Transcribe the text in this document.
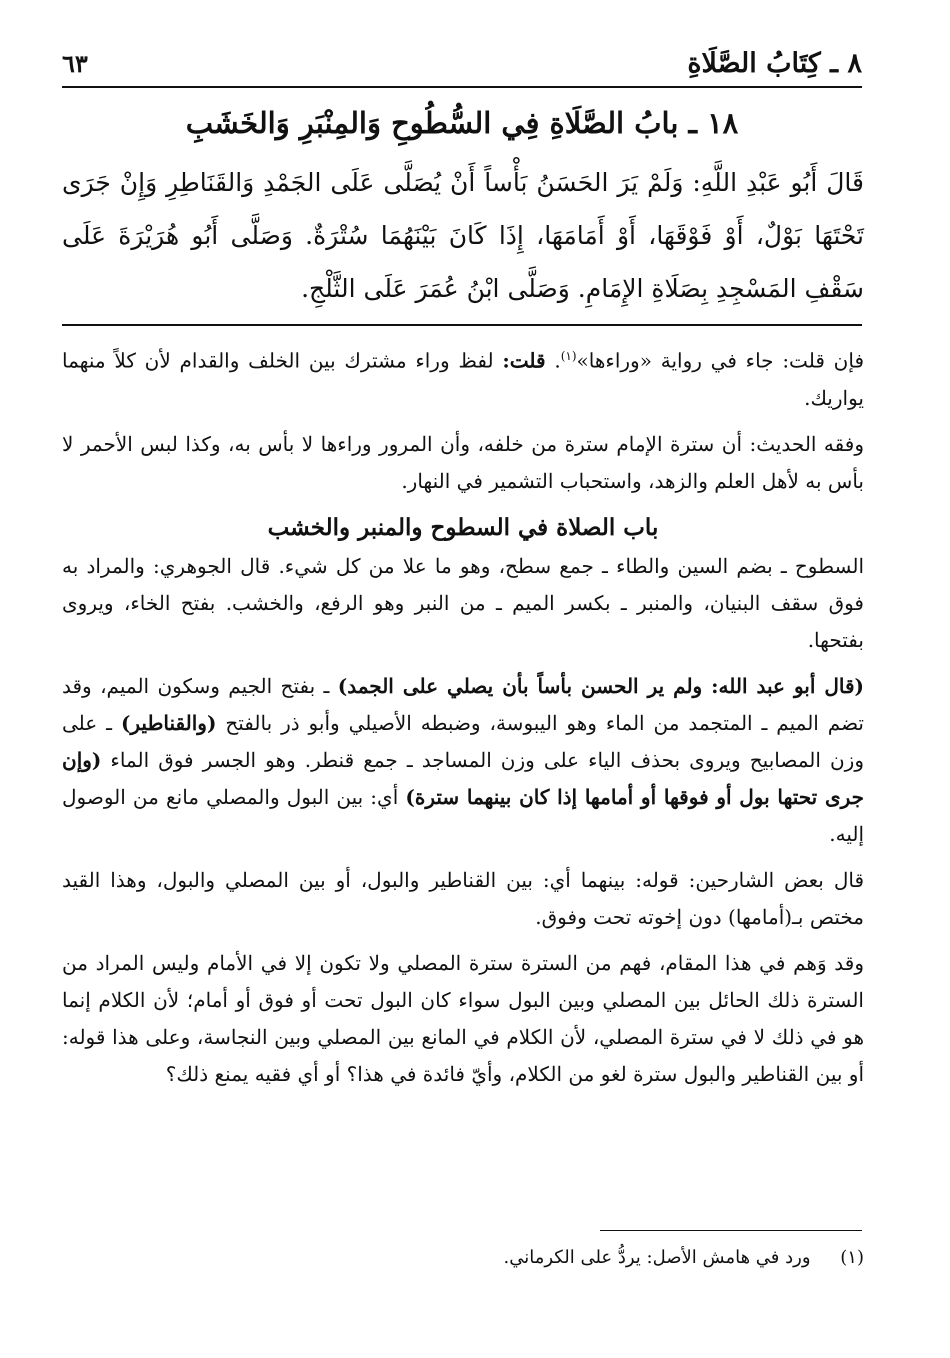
٨ ـ كِتَابُ الصَّلَاةِ
٦٣
١٨ ـ بابُ الصَّلَاةِ فِي السُّطُوحِ وَالمِنْبَرِ وَالخَشَبِ

قَالَ أَبُو عَبْدِ اللَّهِ: وَلَمْ يَرَ الحَسَنُ بَأْساً أَنْ يُصَلَّى عَلَى الجَمْدِ وَالقَنَاطِرِ وَإِنْ جَرَى تَحْتَهَا بَوْلٌ، أَوْ فَوْقَهَا، أَوْ أَمَامَهَا، إِذَا كَانَ بَيْنَهُمَا سُتْرَةٌ. وَصَلَّى أَبُو هُرَيْرَةَ عَلَى سَقْفِ المَسْجِدِ بِصَلَاةِ الإِمَامِ. وَصَلَّى ابْنُ عُمَرَ عَلَى الثَّلْجِ.

فإن قلت: جاء في رواية «وراءها»$^{(١)}$. قلت: لفظ وراء مشترك بين الخلف والقدام لأن كلاً منهما يواريك.

وفقه الحديث: أن سترة الإمام سترة من خلفه، وأن المرور وراءها لا بأس به، وكذا لبس الأحمر لا بأس به لأهل العلم والزهد، واستحباب التشمير في النهار.

باب الصلاة في السطوح والمنبر والخشب

السطوح ـ بضم السين والطاء ـ جمع سطح، وهو ما علا من كل شيء. قال الجوهري: والمراد به فوق سقف البنيان، والمنبر ـ بكسر الميم ـ من النبر وهو الرفع، والخشب. بفتح الخاء، ويروى بفتحها.

(قال أبو عبد الله: ولم ير الحسن بأساً بأن يصلي على الجمد) ـ بفتح الجيم وسكون الميم، وقد تضم الميم ـ المتجمد من الماء وهو اليبوسة، وضبطه الأصيلي وأبو ذر بالفتح (والقناطير) ـ على وزن المصابيح ويروى بحذف الياء على وزن المساجد ـ جمع قنطر. وهو الجسر فوق الماء (وإن جرى تحتها بول أو فوقها أو أمامها إذا كان بينهما سترة) أي: بين البول والمصلي مانع من الوصول إليه.

قال بعض الشارحين: قوله: بينهما أي: بين القناطير والبول، أو بين المصلي والبول، وهذا القيد مختص بـ(أمامها) دون إخوته تحت وفوق.

وقد وَهم في هذا المقام، فهم من السترة سترة المصلي ولا تكون إلا في الأمام وليس المراد من السترة ذلك الحائل بين المصلي وبين البول سواء كان البول تحت أو فوق أو أمام؛ لأن الكلام إنما هو في ذلك لا في سترة المصلي، لأن الكلام في المانع بين المصلي وبين النجاسة، وعلى هذا قوله: أو بين القناطير والبول سترة لغو من الكلام، وأيّ فائدة في هذا؟ أو أي فقيه يمنع ذلك؟

(١) ورد في هامش الأصل: يردُّ على الكرماني.
